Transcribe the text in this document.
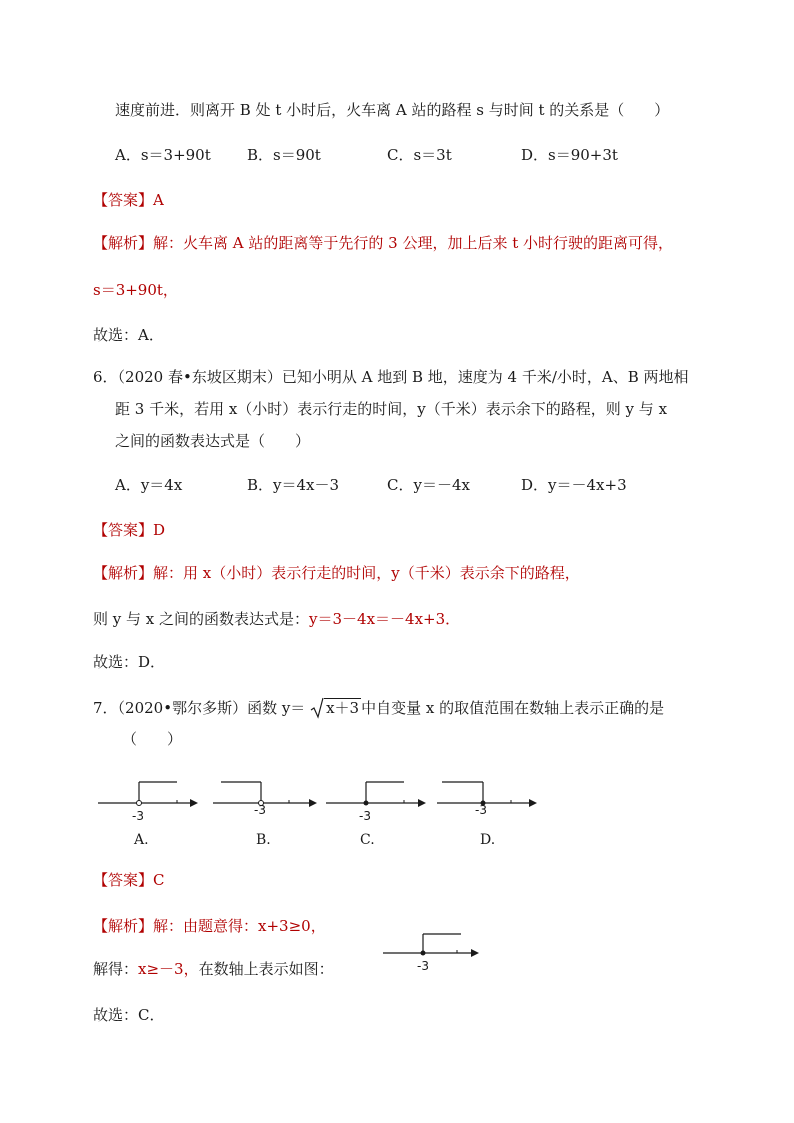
速度前进．则离开 B 处 t 小时后，火车离 A 站的路程 s 与时间 t 的关系是（　　）
A．s＝3+90t B．s＝90t	C．s＝3t	D．s＝90+3t
【答案】A
【解析】解：火车离 A 站的距离等于先行的 3 公理，加上后来 t 小时行驶的距离可得，
s＝3+90t，
故选：A．
6．（2020 春•东坡区期末）已知小明从 A 地到 B 地，速度为 4 千米/小时，A、B 两地相
距 3 千米，若用 x（小时）表示行走的时间，y（千米）表示余下的路程，则 y 与 x
之间的函数表达式是（　　）
A．y＝4x	B．y＝4x－3	C．y＝－4x	D．y＝－4x+3
【答案】D
【解析】解：用 x（小时）表示行走的时间，y（千米）表示余下的路程，
则 y 与 x 之间的函数表达式是：y＝3－4x＝－4x+3．
故选：D．
7．（2020•鄂尔多斯）函数 y＝ x＋3 中自变量 x 的取值范围在数轴上表示正确的是
（　　）
-3
A.
-3
B.
-3
C.
-3
D.
【答案】C
【解析】解：由题意得：x+3≥0，
解得：x≥－3，在数轴上表示如图：	-3
故选：C．
